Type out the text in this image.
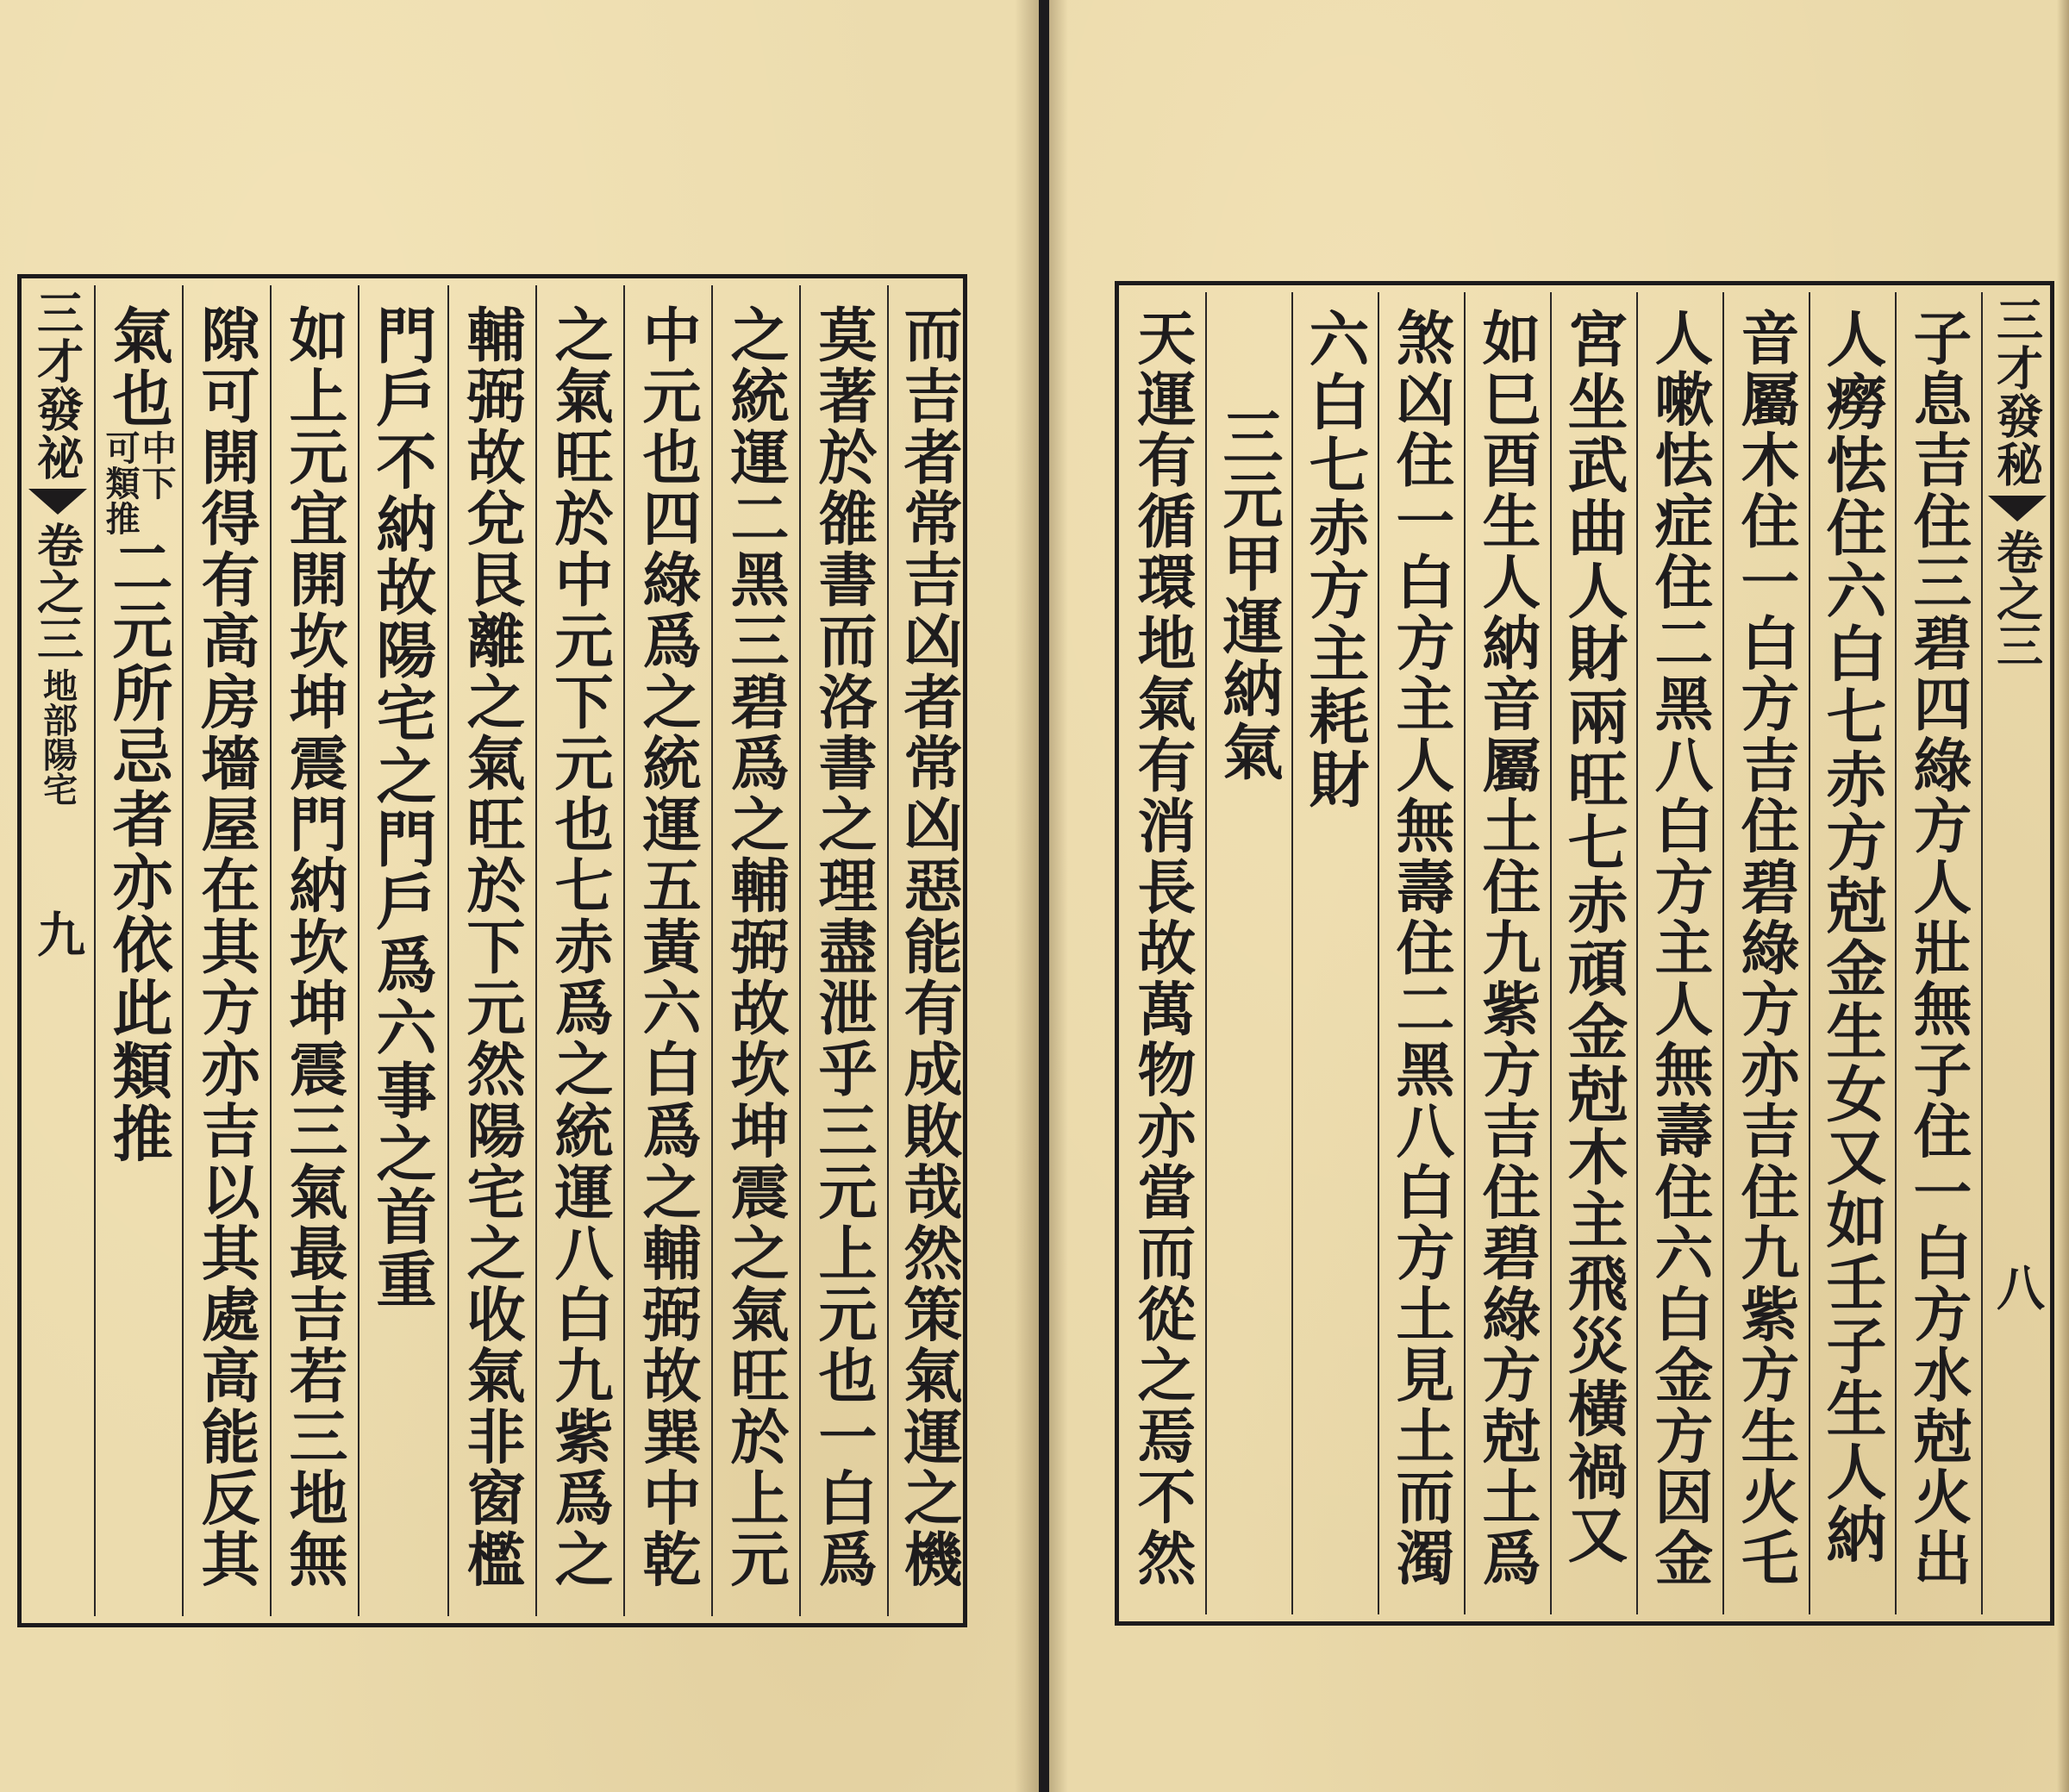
而吉者常吉凶者常凶惡能有成敗哉然策氣運之機
莫著於雒書而洛書之理盡泄乎三元上元也一白爲
之統運二黑三碧爲之輔弼故坎坤震之氣旺於上元
中元也四綠爲之統運五黃六白爲之輔弼故巽中乾
之氣旺於中元下元也七赤爲之統運八白九紫爲之
輔弼故兌艮離之氣旺於下元然陽宅之收氣非窗檻
門戶不納故陽宅之門戶爲六事之首重
如上元宜開坎坤震門納坎坤震三氣最吉若三地無
隙可開得有高房墻屋在其方亦吉以其處高能反其
氣也
中下
可類推
二元所忌者亦依此類推
三才發祕
卷之三
地部陽宅
九
三才發秘
卷之三
八
子息吉住三碧四綠方人壯無子住一白方水尅火出
人癆怯住六白七赤方尅金生女又如壬子生人納
音屬木住一白方吉住碧綠方亦吉住九紫方生火乇
人嗽怯症住二黑八白方主人無壽住六白金方因金
宮坐武曲人財兩旺七赤頑金尅木主飛災橫禍又
如巳酉生人納音屬土住九紫方吉住碧綠方尅土爲
煞凶住一白方主人無壽住二黑八白方土見土而濁
六白七赤方主耗財
三元甲運納氣
天運有循環地氣有消長故萬物亦當而從之焉不然
